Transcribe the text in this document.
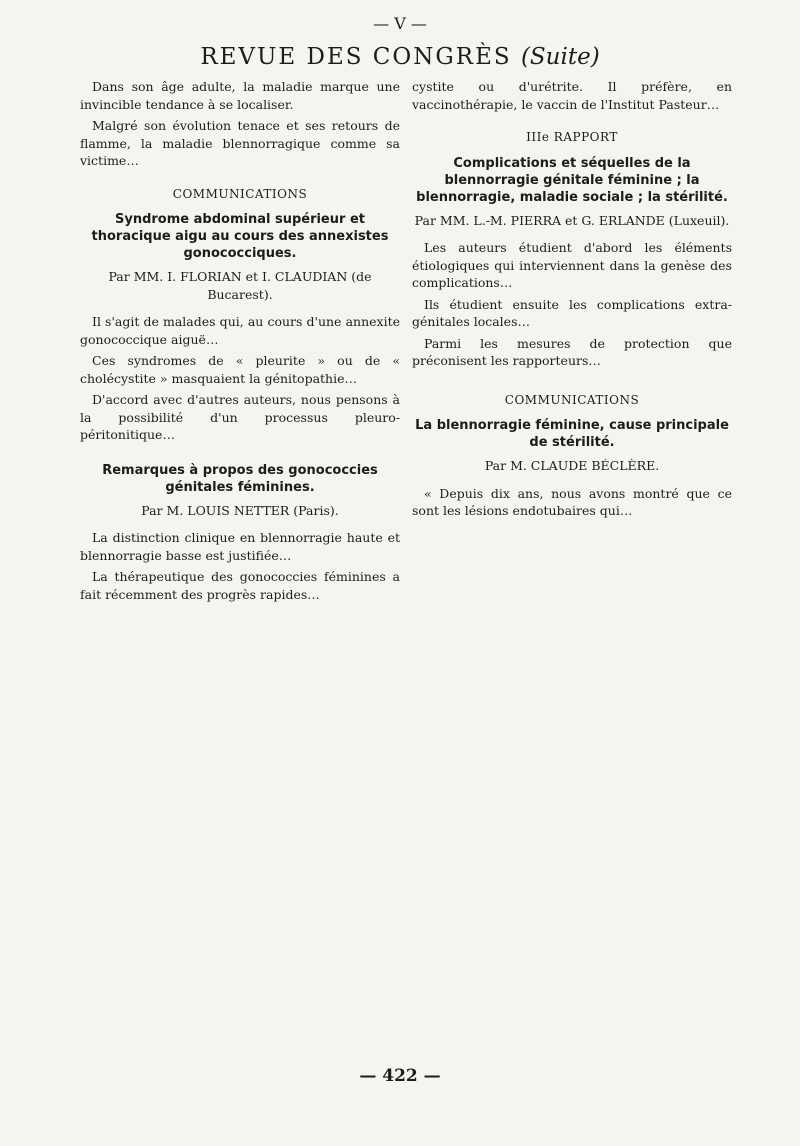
— V —
REVUE DES CONGRÈS (Suite)

Dans son âge adulte, la maladie marque une invincible tendance à se localiser.

Malgré son évolution tenace et ses retours de flamme, la maladie blennorragique comme sa victime…

COMMUNICATIONS
Syndrome abdominal supérieur et thoracique aigu au cours des annexistes gonococciques.
Par MM. I. FLORIAN et I. CLAUDIAN (de Bucarest).

Il s'agit de malades qui, au cours d'une annexite gonococcique aiguë…

Ces syndromes de « pleurite » ou de « cholécystite » masquaient la génitopathie…

D'accord avec d'autres auteurs, nous pensons à la possibilité d'un processus pleuro-péritonitique…

Remarques à propos des gonococcies génitales féminines.
Par M. LOUIS NETTER (Paris).

La distinction clinique en blennorragie haute et blennorragie basse est justifiée…

La thérapeutique des gonococcies féminines a fait récemment des progrès rapides…

cystite ou d'urétrite. Il préfère, en vaccinothérapie, le vaccin de l'Institut Pasteur…

IIIe RAPPORT
Complications et séquelles de la blennorragie génitale féminine ; la blennorragie, maladie sociale ; la stérilité.
Par MM. L.-M. PIERRA et G. ERLANDE (Luxeuil).

Les auteurs étudient d'abord les éléments étiologiques qui interviennent dans la genèse des complications…

Ils étudient ensuite les complications extra-génitales locales…

Parmi les mesures de protection que préconisent les rapporteurs…

COMMUNICATIONS
La blennorragie féminine, cause principale de stérilité.
Par M. CLAUDE BÉCLÈRE.

« Depuis dix ans, nous avons montré que ce sont les lésions endotubaires qui…

— 422 —
